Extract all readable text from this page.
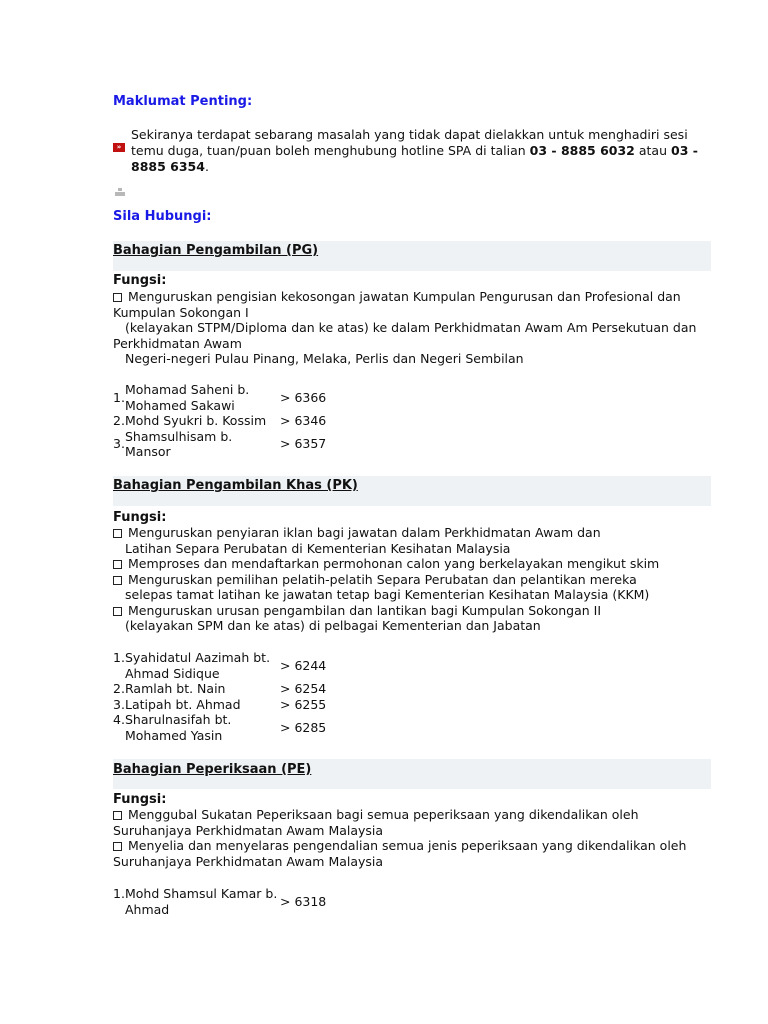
Maklumat Penting:
»
Sekiranya terdapat sebarang masalah yang tidak dapat dielakkan untuk menghadiri sesi temu duga, tuan/puan boleh menghubung hotline SPA di talian 03 - 8885 6032 atau 03 - 8885 6354.
Sila Hubungi:
Bahagian Pengambilan (PG)
Fungsi:
Menguruskan pengisian kekosongan jawatan Kumpulan Pengurusan dan Profesional dan
Kumpulan Sokongan I
(kelayakan STPM/Diploma dan ke atas) ke dalam Perkhidmatan Awam Am Persekutuan dan
Perkhidmatan Awam
Negeri-negeri Pulau Pinang, Melaka, Perlis dan Negeri Sembilan
1.	Mohamad Saheni b.
Mohamed Sakawi	> 6366
2.	Mohd Syukri b. Kossim	> 6346
3.	Shamsulhisam b.
Mansor	> 6357
Bahagian Pengambilan Khas (PK)
Fungsi:
Menguruskan penyiaran iklan bagi jawatan dalam Perkhidmatan Awam dan
Latihan Separa Perubatan di Kementerian Kesihatan Malaysia
Memproses dan mendaftarkan permohonan calon yang berkelayakan mengikut skim
Menguruskan pemilihan pelatih-pelatih Separa Perubatan dan pelantikan mereka
selepas tamat latihan ke jawatan tetap bagi Kementerian Kesihatan Malaysia (KKM)
Menguruskan urusan pengambilan dan lantikan bagi Kumpulan Sokongan II
(kelayakan SPM dan ke atas) di pelbagai Kementerian dan Jabatan
1.	Syahidatul Aazimah bt.
Ahmad Sidique	> 6244
2.	Ramlah bt. Nain	> 6254
3.	Latipah bt. Ahmad	> 6255
4.	Sharulnasifah bt.
Mohamed Yasin	> 6285
Bahagian Peperiksaan (PE)
Fungsi:
Menggubal Sukatan Peperiksaan bagi semua peperiksaan yang dikendalikan oleh
Suruhanjaya Perkhidmatan Awam Malaysia
Menyelia dan menyelaras pengendalian semua jenis peperiksaan yang dikendalikan oleh
Suruhanjaya Perkhidmatan Awam Malaysia
1.	Mohd Shamsul Kamar b.
Ahmad
	> 6318
